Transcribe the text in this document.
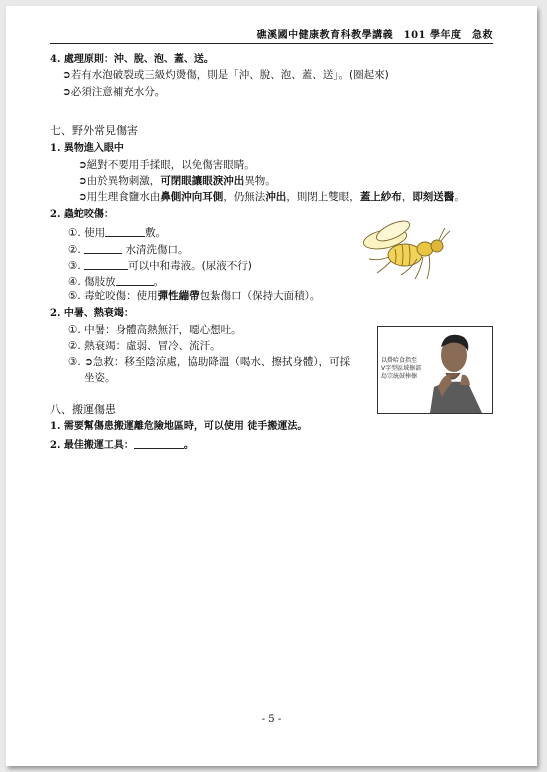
礁溪國中健康教育科教學講義　101 學年度　急救
4. 處理原則：沖、脫、泡、蓋、送。
➲若有水泡破裂或三級灼燙傷，則是「沖、脫、泡、蓋、送」。(圈起來)
➲必須注意補充水分。
七、野外常見傷害
1. 異物進入眼中
➲絕對不要用手揉眼，以免傷害眼睛。
➲由於異物刺激，可閉眼讓眼淚沖出異物。
➲用生理食鹽水由鼻側沖向耳側，仍無法沖出，則閉上雙眼，蓋上紗布，即刻送醫。
2. 蟲蛇咬傷：
①. 使用	敷。
②.	水清洗傷口。
③.	可以中和毒液。(尿液不行)
④. 傷肢放	。
⑤. 毒蛇咬傷：使用彈性繃帶包紮傷口（保持大面積）。
2. 中暑、熱衰竭：
①. 中暑：身體高熱無汗，噁心想吐。
②. 熱衰竭：虛弱、冒冷、流汗。
③. ➲急救：移至陰涼處，協助降溫（喝水、擦拭身體），可採
坐姿。
以掛哈食指至
V字型區域擦部
島宗統鼓棒擦
八、搬運傷患
1. 需要幫傷患搬運離危險地區時，可以使用 徒手搬運法。
2. 最佳搬運工具：	。
- 5 -
